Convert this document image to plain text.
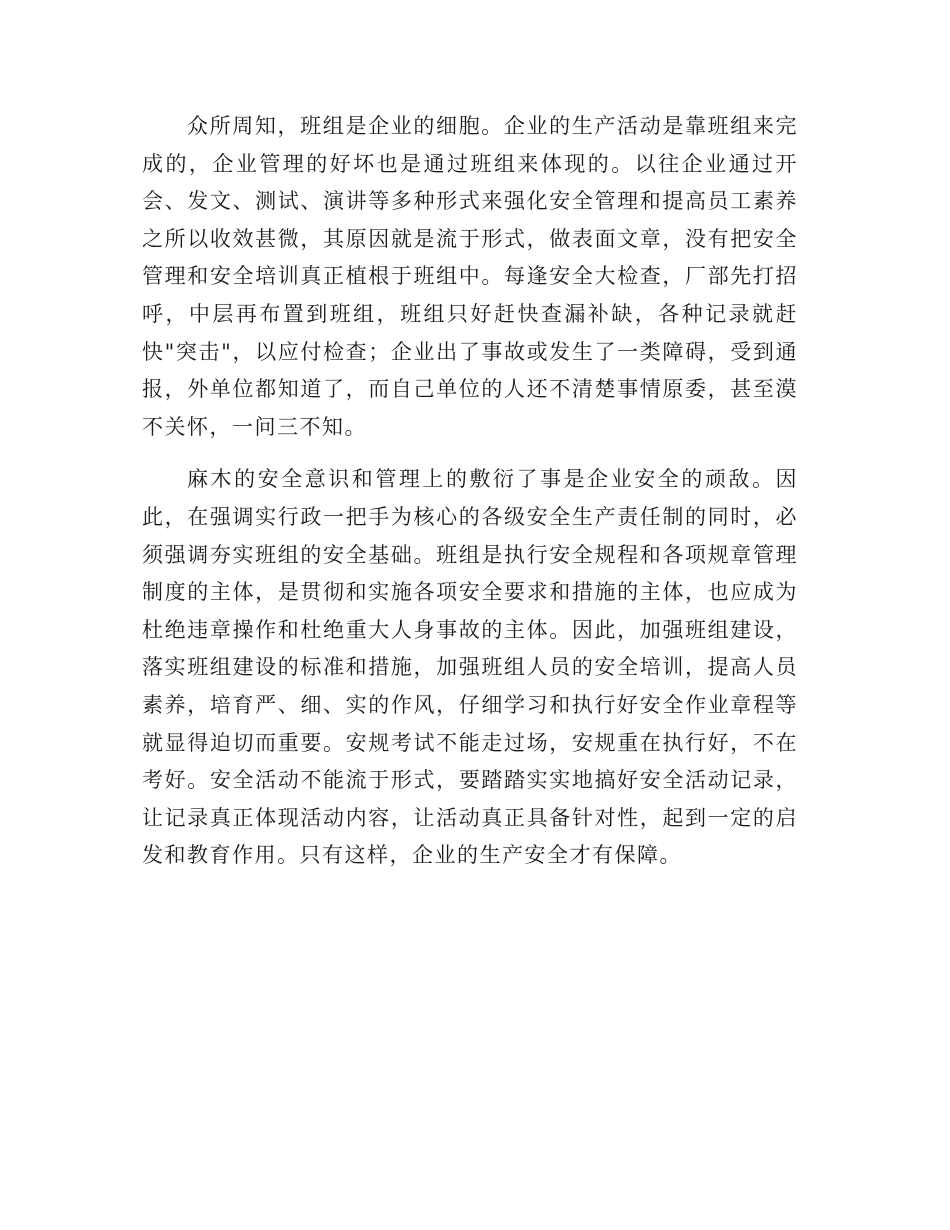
众所周知，班组是企业的细胞。企业的生产活动是靠班组来完成的，企业管理的好坏也是通过班组来体现的。以往企业通过开会、发文、测试、演讲等多种形式来强化安全管理和提高员工素养之所以收效甚微，其原因就是流于形式，做表面文章，没有把安全管理和安全培训真正植根于班组中。每逢安全大检查，厂部先打招呼，中层再布置到班组，班组只好赶快查漏补缺，各种记录就赶快"突击"，以应付检查；企业出了事故或发生了一类障碍，受到通报，外单位都知道了，而自己单位的人还不清楚事情原委，甚至漠不关怀，一问三不知。

麻木的安全意识和管理上的敷衍了事是企业安全的顽敌。因此，在强调实行政一把手为核心的各级安全生产责任制的同时，必须强调夯实班组的安全基础。班组是执行安全规程和各项规章管理制度的主体，是贯彻和实施各项安全要求和措施的主体，也应成为杜绝违章操作和杜绝重大人身事故的主体。因此，加强班组建设，落实班组建设的标准和措施，加强班组人员的安全培训，提高人员素养，培育严、细、实的作风，仔细学习和执行好安全作业章程等就显得迫切而重要。安规考试不能走过场，安规重在执行好，不在考好。安全活动不能流于形式，要踏踏实实地搞好安全活动记录，让记录真正体现活动内容，让活动真正具备针对性，起到一定的启发和教育作用。只有这样，企业的生产安全才有保障。
